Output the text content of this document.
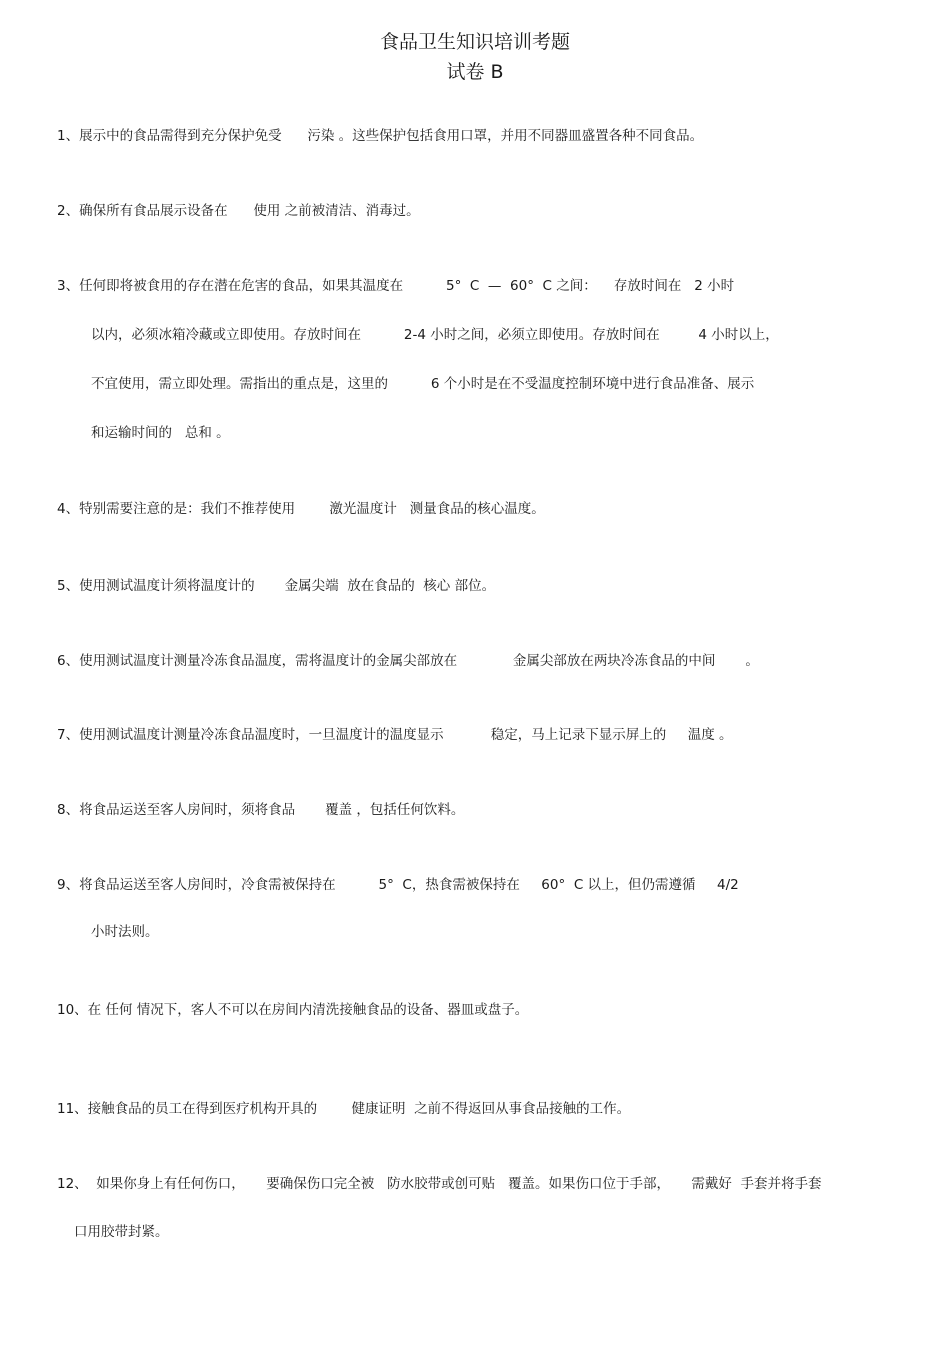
食品卫生知识培训考题
试卷 B
1、展示中的食品需得到充分保护免受      污染 。这些保护包括食用口罩，并用不同器皿盛置各种不同食品。
2、确保所有食品展示设备在      使用 之前被清洁、消毒过。
3、任何即将被食用的存在潜在危害的食品，如果其温度在          5°  C  —  60°  C 之间：    存放时间在   2 小时
以内，必须冰箱冷藏或立即使用。存放时间在          2-4 小时之间，必须立即使用。存放时间在         4 小时以上，
不宜使用，需立即处理。需指出的重点是，这里的          6 个小时是在不受温度控制环境中进行食品准备、展示
和运输时间的   总和 。
4、特别需要注意的是：我们不推荐使用        激光温度计   测量食品的核心温度。
5、使用测试温度计须将温度计的       金属尖端  放在食品的  核心 部位。
6、使用测试温度计测量冷冻食品温度，需将温度计的金属尖部放在             金属尖部放在两块冷冻食品的中间       。
7、使用测试温度计测量冷冻食品温度时，一旦温度计的温度显示           稳定，马上记录下显示屏上的     温度 。
8、将食品运送至客人房间时，须将食品       覆盖 ，包括任何饮料。
9、将食品运送至客人房间时，冷食需被保持在          5°  C，热食需被保持在     60°  C 以上，但仍需遵循     4/2
小时法则。
10、在 任何 情况下，客人不可以在房间内清洗接触食品的设备、器皿或盘子。
11、接触食品的员工在得到医疗机构开具的        健康证明  之前不得返回从事食品接触的工作。
12、  如果你身上有任何伤口，     要确保伤口完全被   防水胶带或创可贴   覆盖。如果伤口位于手部，     需戴好  手套并将手套
口用胶带封紧。
